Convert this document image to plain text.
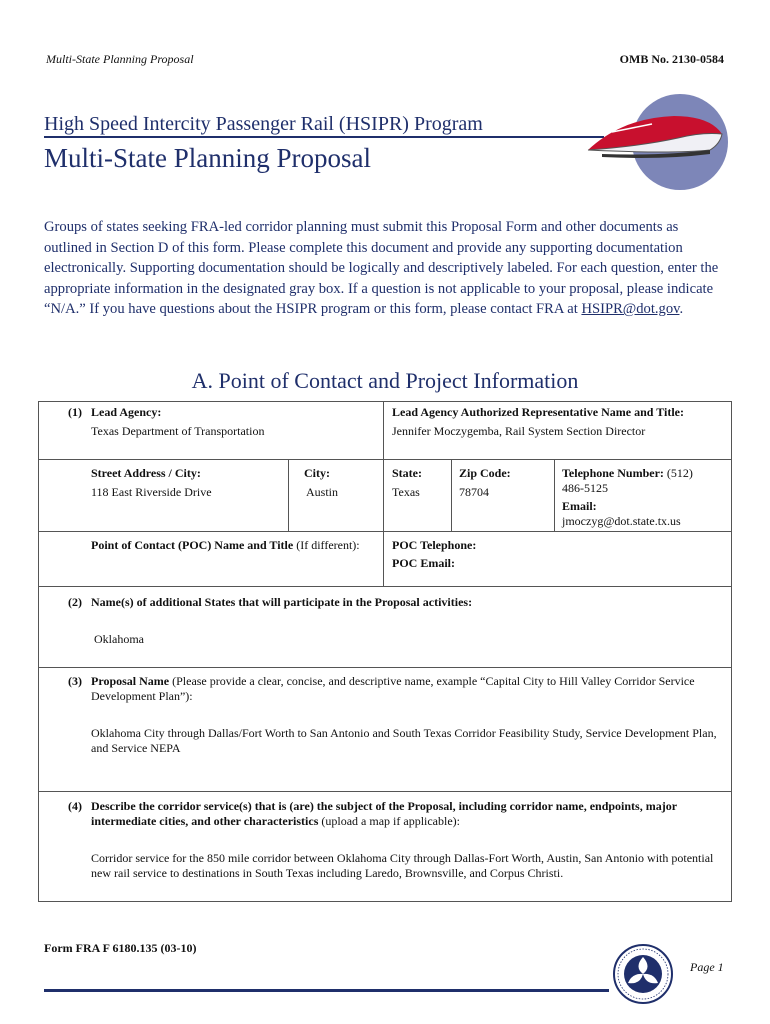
Multi-State Planning Proposal	OMB No. 2130-0584
High Speed Intercity Passenger Rail (HSIPR) Program
Multi-State Planning Proposal
Groups of states seeking FRA-led corridor planning must submit this Proposal Form and other documents as outlined in Section D of this form. Please complete this document and provide any supporting documentation electronically. Supporting documentation should be logically and descriptively labeled. For each question, enter the appropriate information in the designated gray box. If a question is not applicable to your proposal, please indicate “N/A.” If you have questions about the HSIPR program or this form, please contact FRA at HSIPR@dot.gov.
A. Point of Contact and Project Information
(1) Lead Agency:
Texas Department of Transportation
Lead Agency Authorized Representative Name and Title:
Jennifer Moczygemba, Rail System Section Director
Street Address / City:
118 East Riverside Drive
City:
Austin
State:
Texas
Zip Code:
78704
Telephone Number: (512)
486-5125
Email:
jmoczyg@dot.state.tx.us
Point of Contact (POC) Name and Title (If different):	POC Telephone:
POC Email:
(2) Name(s) of additional States that will participate in the Proposal activities:
Oklahoma
(3) Proposal Name (Please provide a clear, concise, and descriptive name, example “Capital City to Hill Valley Corridor Service Development Plan”):
Oklahoma City through Dallas/Fort Worth to San Antonio and South Texas Corridor Feasibility Study, Service Development Plan, and Service NEPA
(4) Describe the corridor service(s) that is (are) the subject of the Proposal, including corridor name, endpoints, major intermediate cities, and other characteristics (upload a map if applicable):
Corridor service for the 850 mile corridor between Oklahoma City through Dallas-Fort Worth, Austin, San Antonio with potential new rail service to destinations in South Texas including Laredo, Brownsville, and Corpus Christi.
Form FRA F 6180.135 (03-10)
Page 1
